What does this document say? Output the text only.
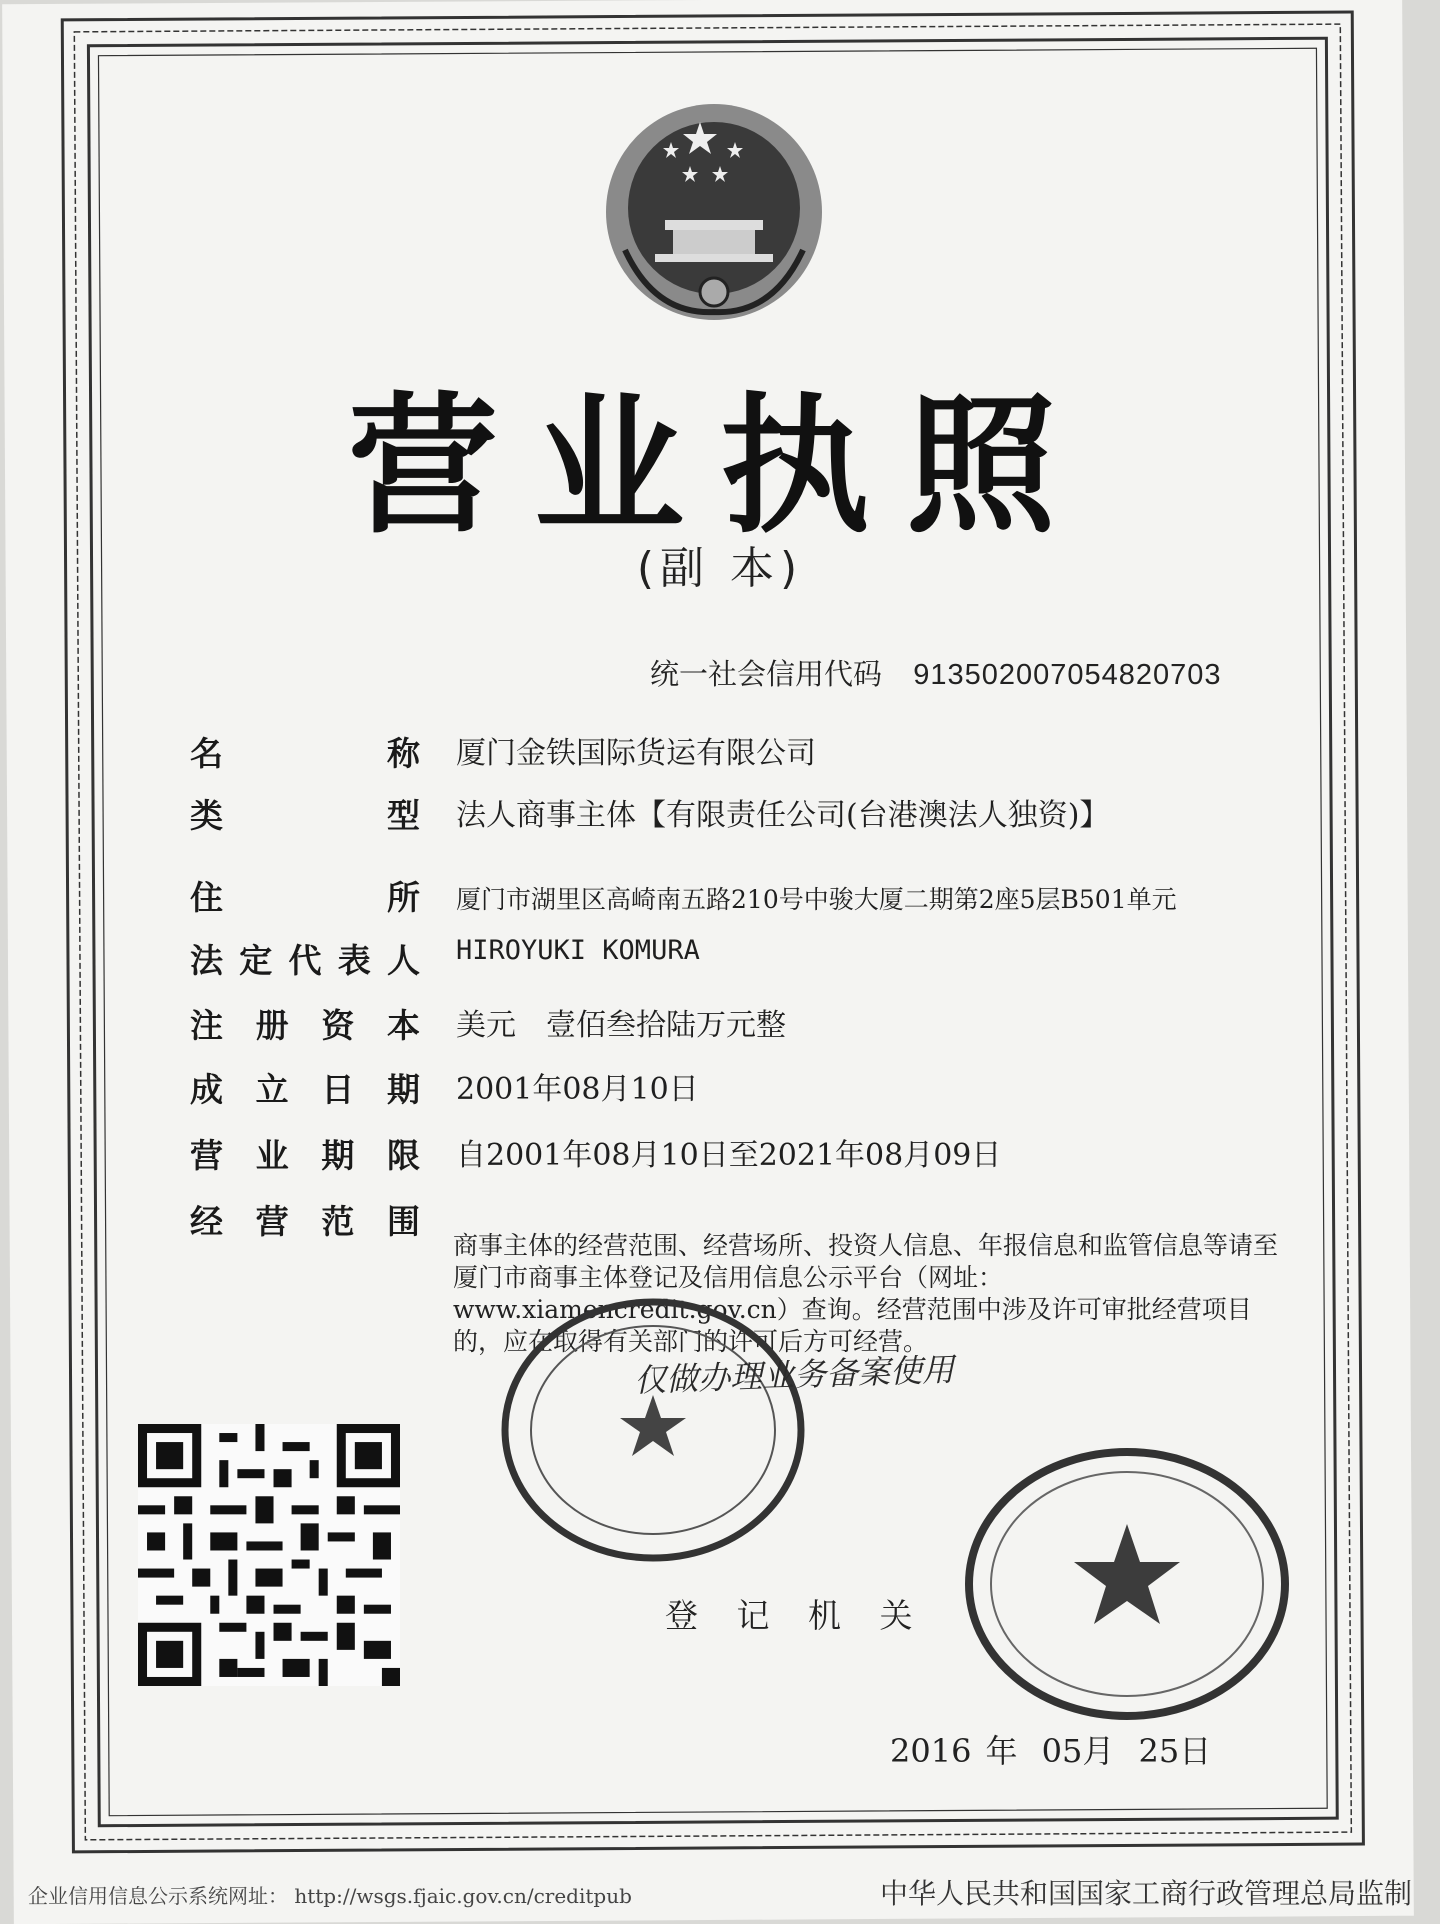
营业执照
(副 本)
统一社会信用代码 913502007054820703
名	称 厦门金铁国际货运有限公司
类	型 法人商事主体【有限责任公司(台港澳法人独资)】
住	所 厦门市湖里区高崎南五路210号中骏大厦二期第2座5层B501单元
法 定 代 表 人 HIROYUKI KOMURA
注 册 资 本 美元　壹佰叁拾陆万元整
成 立 日 期 2001年08月10日
营 业 期 限 自2001年08月10日至2021年08月09日
经 营 范 围
商事主体的经营范围、经营场所、投资人信息、年报信息和监管信息等请至厦门市商事主体登记及信用信息公示平台（网址：www.xiamencredit.gov.cn）查询。经营范围中涉及许可审批经营项目的，应在取得有关部门的许可后方可经营。
仅做办理业务备案使用
登 记 机 关
2016 年 05月 25日
企业信用信息公示系统网址： http://wsgs.fjaic.gov.cn/creditpub	中华人民共和国国家工商行政管理总局监制
